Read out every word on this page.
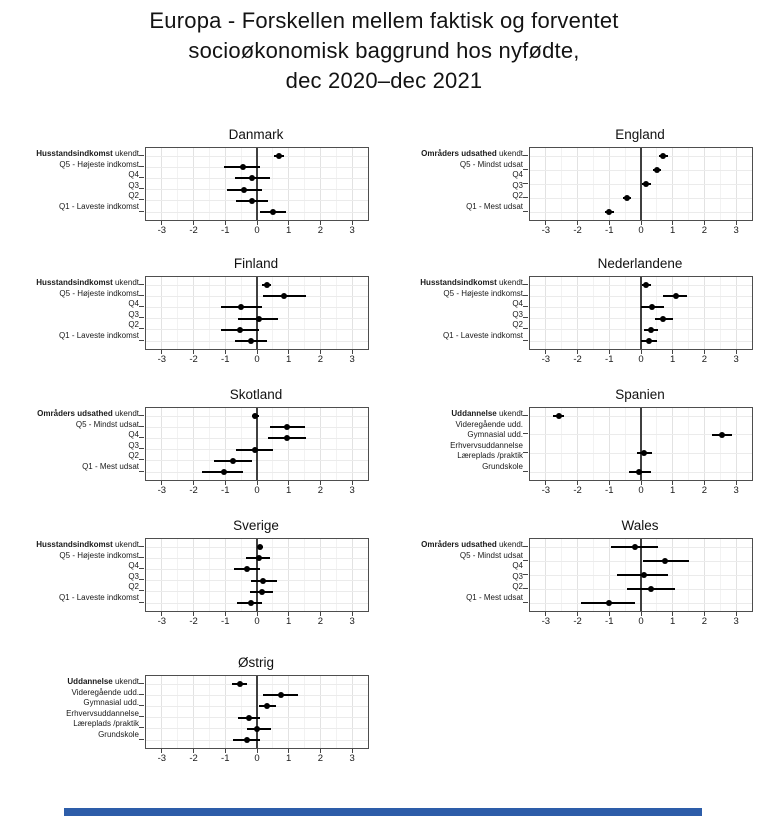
Europa - Forskellen mellem faktisk og forventet
socioøkonomisk baggrund hos nyfødte,
dec 2020–dec 2021
Danmark
Husstandsindkomst ukendt
Q5 - Højeste indkomst
Q4
Q3
Q2
Q1 - Laveste indkomst
-3	-2	-1	0	1	2	3
England
Områders udsathed ukendt
Q5 - Mindst udsat
Q4
Q3
Q2
Q1 - Mest udsat
-3	-2	-1	0	1	2	3
Finland
Husstandsindkomst ukendt
Q5 - Højeste indkomst
Q4
Q3
Q2
Q1 - Laveste indkomst
-3	-2	-1	0	1	2	3
Nederlandene
Husstandsindkomst ukendt
Q5 - Højeste indkomst
Q4
Q3
Q2
Q1 - Laveste indkomst
-3	-2	-1	0	1	2	3
Skotland
Områders udsathed ukendt
Q5 - Mindst udsat
Q4
Q3
Q2
Q1 - Mest udsat
-3	-2	-1	0	1	2	3
Spanien
Uddannelse ukendt
Videregående udd.
Gymnasial udd.
Erhvervsuddannelse
Læreplads /praktik
Grundskole
-3	-2	-1	0	1	2	3
Sverige
Husstandsindkomst ukendt
Q5 - Højeste indkomst
Q4
Q3
Q2
Q1 - Laveste indkomst
-3	-2	-1	0	1	2	3
Wales
Områders udsathed ukendt
Q5 - Mindst udsat
Q4
Q3
Q2
Q1 - Mest udsat
-3	-2	-1	0	1	2	3
Østrig
Uddannelse ukendt
Videregående udd.
Gymnasial udd.
Erhvervsuddannelse
Læreplads /praktik
Grundskole
-3	-2	-1	0	1	2	3
